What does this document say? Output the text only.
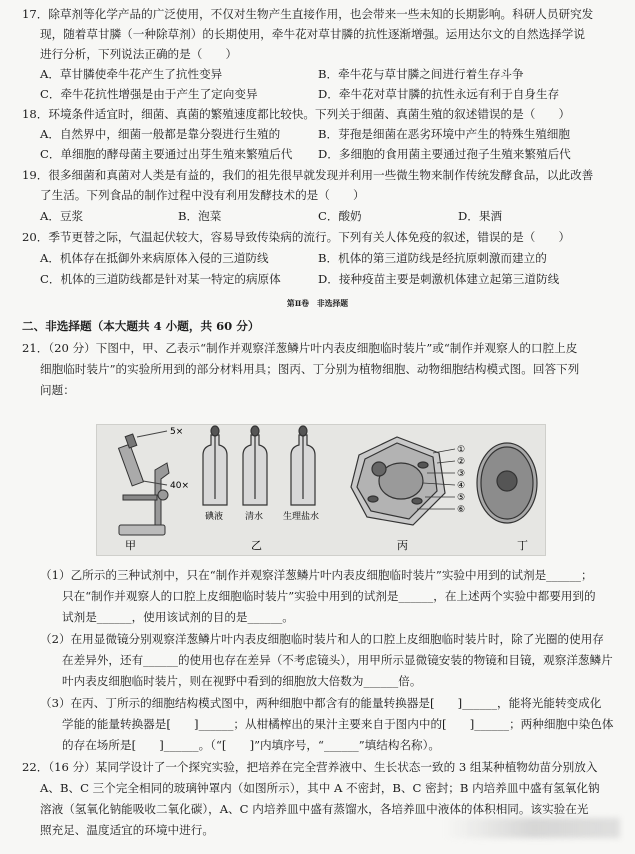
17．除草剂等化学产品的广泛使用，不仅对生物产生直接作用，也会带来一些未知的长期影响。科研人员研究发
现，随着草甘膦（一种除草剂）的长期使用，牵牛花对草甘膦的抗性逐渐增强。运用达尔文的自然选择学说
进行分析，下列说法正确的是（　　）
A．草甘膦使牵牛花产生了抗性变异	B．牵牛花与草甘膦之间进行着生存斗争
C．牵牛花抗性增强是由于产生了定向变异	D．牵牛花对草甘膦的抗性永远有利于自身生存
18．环境条件适宜时，细菌、真菌的繁殖速度都比较快。下列关于细菌、真菌生殖的叙述错误的是（　　）
A．自然界中，细菌一般都是靠分裂进行生殖的	B．芽孢是细菌在恶劣环境中产生的特殊生殖细胞
C．单细胞的酵母菌主要通过出芽生殖来繁殖后代 D．多细胞的食用菌主要通过孢子生殖来繁殖后代
19．很多细菌和真菌对人类是有益的，我们的祖先很早就发现并利用一些微生物来制作传统发酵食品，以此改善
了生活。下列食品的制作过程中没有利用发酵技术的是（　　）
A．豆浆	B．泡菜	C．酸奶	D．果酒
20．季节更替之际，气温起伏较大，容易导致传染病的流行。下列有关人体免疫的叙述，错误的是（　　）
A．机体存在抵御外来病原体入侵的三道防线	B．机体的第三道防线是经抗原刺激而建立的
C．机体的三道防线都是针对某一特定的病原体	D．接种疫苗主要是刺激机体建立起第三道防线
第Ⅱ卷　非选择题
二、非选择题（本大题共 4 小题，共 60 分）
21．（20 分）下图中，甲、乙表示“制作并观察洋葱鳞片叶内表皮细胞临时装片”或“制作并观察人的口腔上皮
细胞临时装片”的实验所用到的部分材料用具；图丙、丁分别为植物细胞、动物细胞结构模式图。回答下列
问题：
5×
40×
甲
碘液 清水 生理盐水
乙
①
②
③
④
⑤
⑥
丙	丁
（1）乙所示的三种试剂中，只在“制作并观察洋葱鳞片叶内表皮细胞临时装片”实验中用到的试剂是______；
只在“制作并观察人的口腔上皮细胞临时装片”实验中用到的试剂是______，在上述两个实验中都要用到的
试剂是______，使用该试剂的目的是______。
（2）在用显微镜分别观察洋葱鳞片叶内表皮细胞临时装片和人的口腔上皮细胞临时装片时，除了光圈的使用存
在差异外，还有______的使用也存在差异（不考虑镜头），用甲所示显微镜安装的物镜和目镜，观察洋葱鳞片
叶内表皮细胞临时装片，则在视野中看到的细胞放大倍数为______倍。
（3）在丙、丁所示的细胞结构模式图中，两种细胞中都含有的能量转换器是[　　]______，能将光能转变成化
学能的能量转换器是[　　]______；从柑橘榨出的果汁主要来自于图内中的[　　]______；两种细胞中染色体
的存在场所是[　　]______。（“[　　]”内填序号，“______”填结构名称）。
22．（16 分）某同学设计了一个探究实验，把培养在完全营养液中、生长状态一致的 3 组某种植物幼苗分别放入
A、B、C 三个完全相同的玻璃钟罩内（如图所示），其中 A 不密封，B、C 密封；B 内培养皿中盛有氢氧化钠
溶液（氢氧化钠能吸收二氧化碳），A、C 内培养皿中盛有蒸馏水，各培养皿中液体的体积相同。该实验在光
照充足、温度适宜的环境中进行。
